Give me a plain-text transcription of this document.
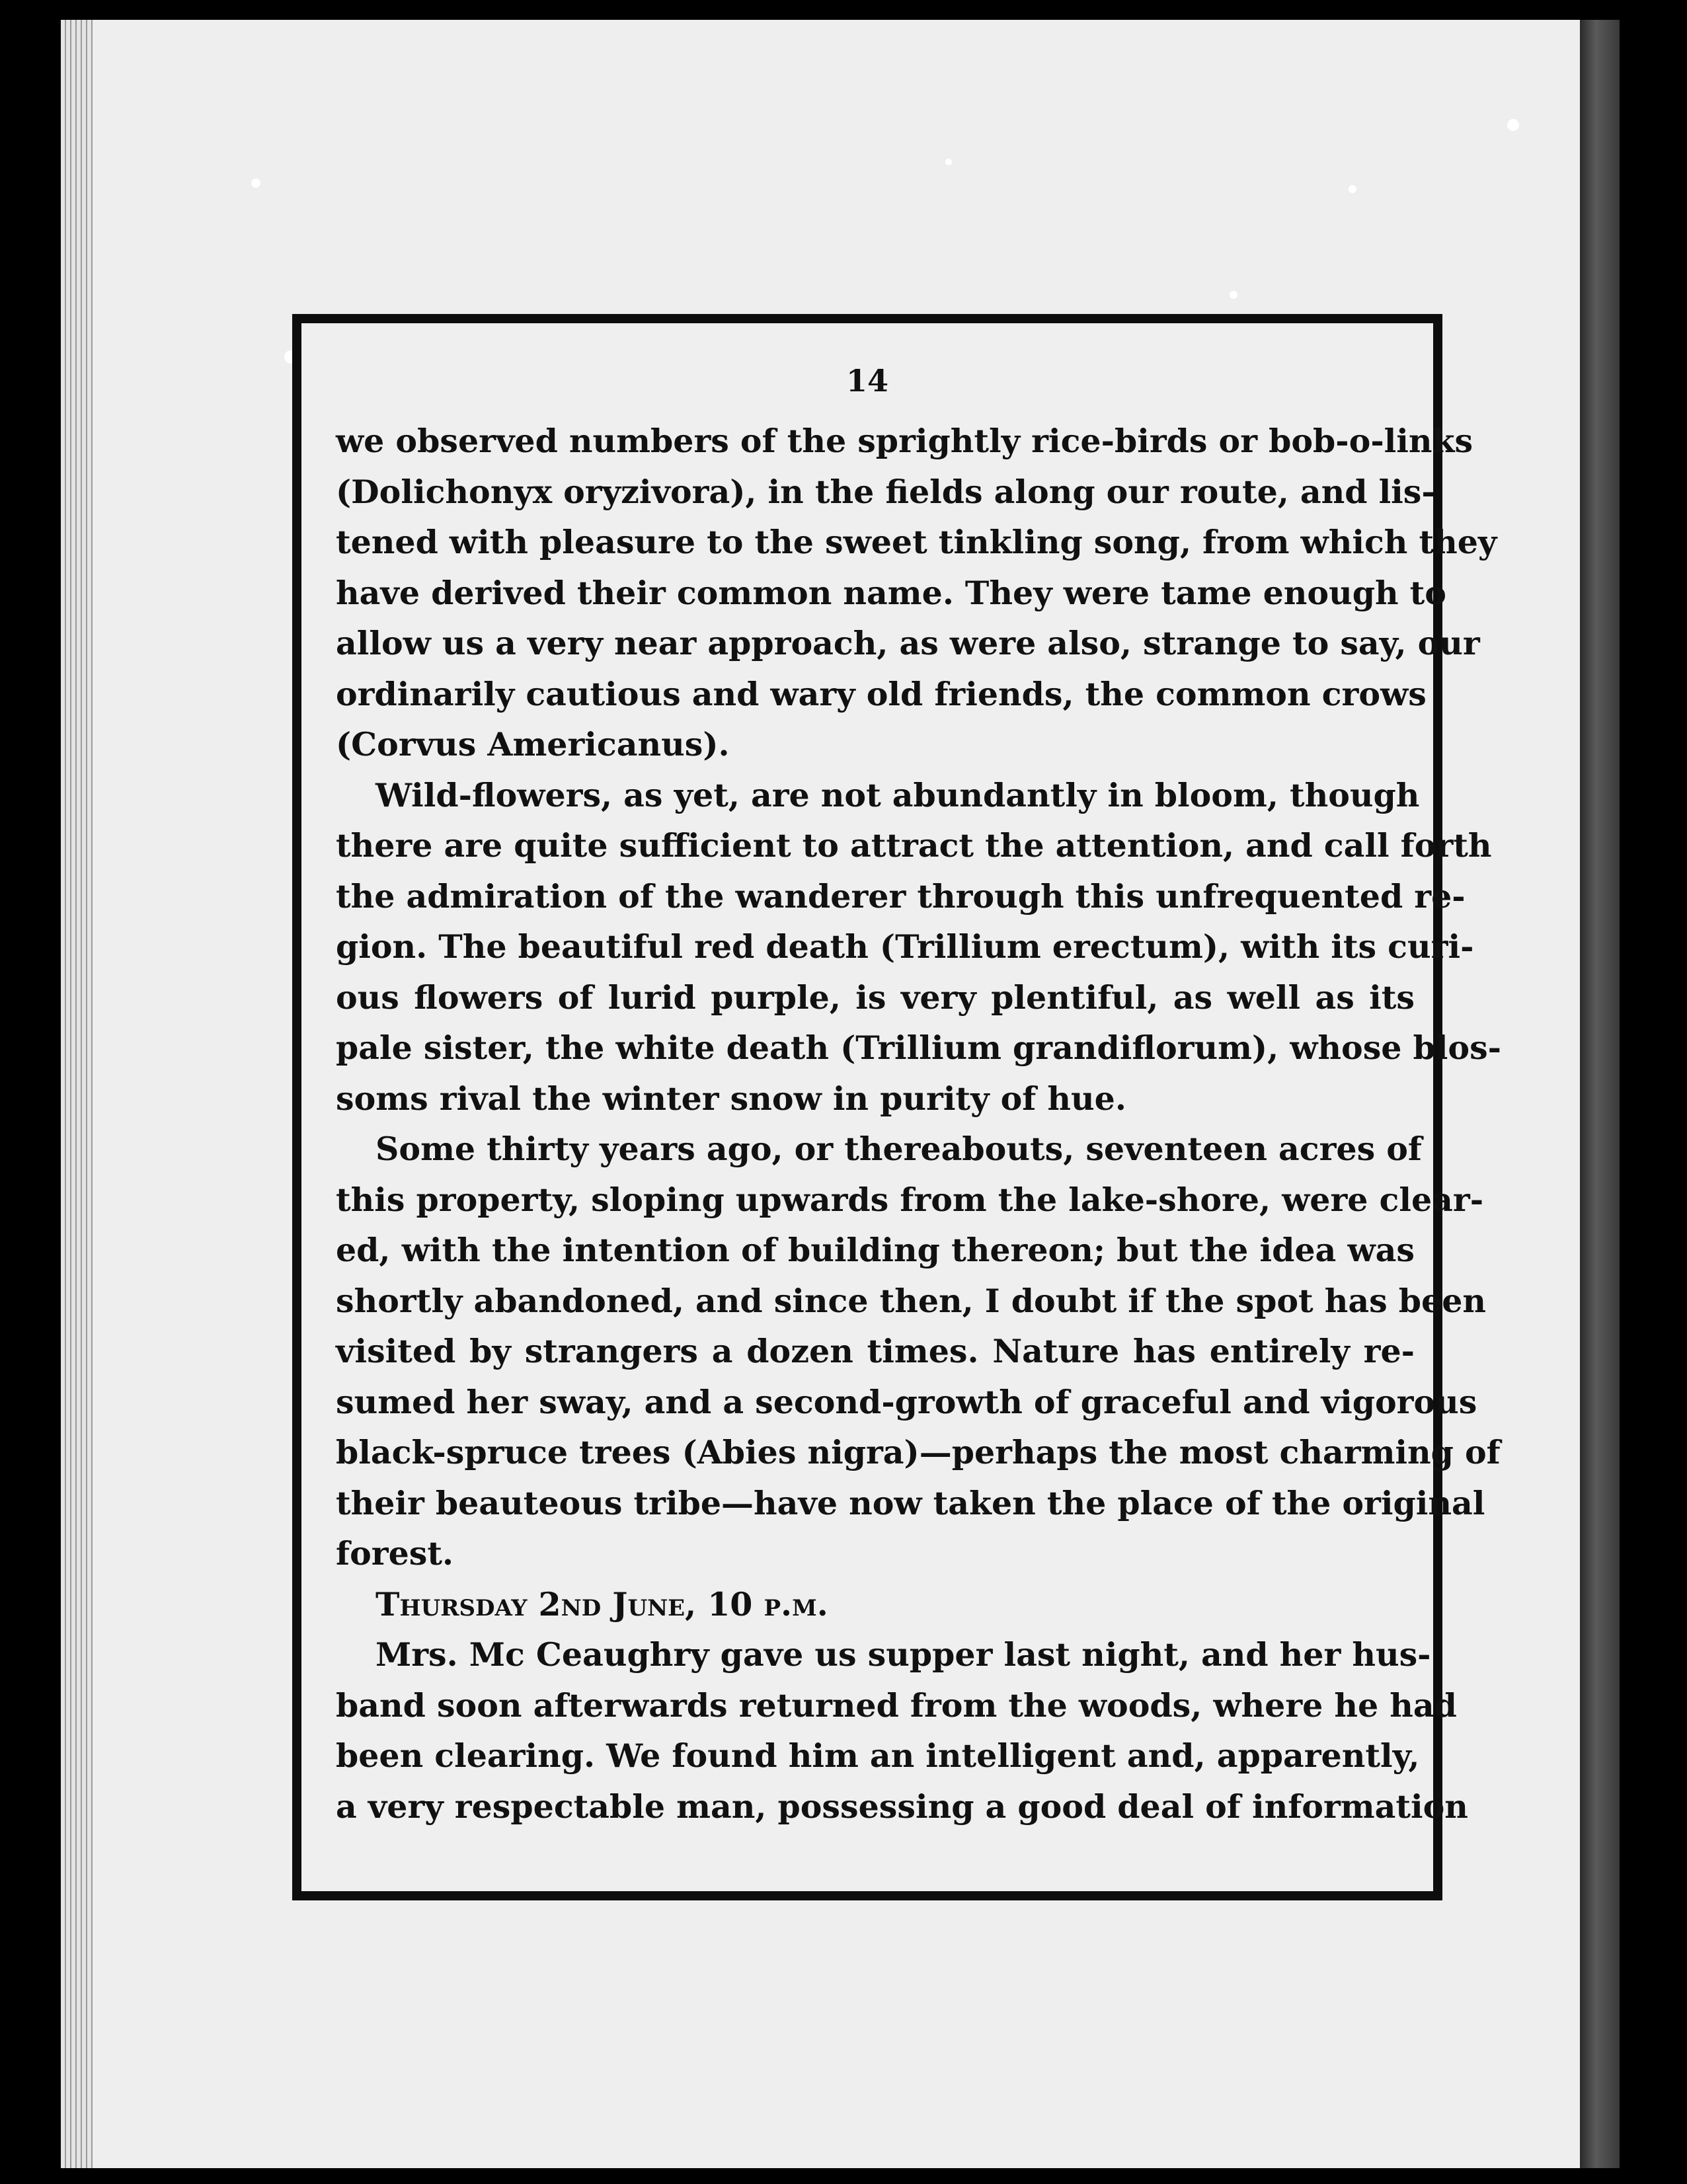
14
we observed numbers of the sprightly rice-birds or bob-o-links
(Dolichonyx oryzivora), in the fields along our route, and lis-
tened with pleasure to the sweet tinkling song, from which they
have derived their common name. They were tame enough to
allow us a very near approach, as were also, strange to say, our
ordinarily cautious and wary old friends, the common crows
(Corvus Americanus).
Wild-flowers, as yet, are not abundantly in bloom, though
there are quite sufficient to attract the attention, and call forth
the admiration of the wanderer through this unfrequented re-
gion. The beautiful red death (Trillium erectum), with its curi-
ous flowers of lurid purple, is very plentiful, as well as its
pale sister, the white death (Trillium grandiflorum), whose blos-
soms rival the winter snow in purity of hue.
Some thirty years ago, or thereabouts, seventeen acres of
this property, sloping upwards from the lake-shore, were clear-
ed, with the intention of building thereon; but the idea was
shortly abandoned, and since then, I doubt if the spot has been
visited by strangers a dozen times. Nature has entirely re-
sumed her sway, and a second-growth of graceful and vigorous
black-spruce trees (Abies nigra)—perhaps the most charming of
their beauteous tribe—have now taken the place of the original
forest.
Thursday 2nd June, 10 p.m.
Mrs. Mc Ceaughry gave us supper last night, and her hus-
band soon afterwards returned from the woods, where he had
been clearing. We found him an intelligent and, apparently,
a very respectable man, possessing a good deal of information
